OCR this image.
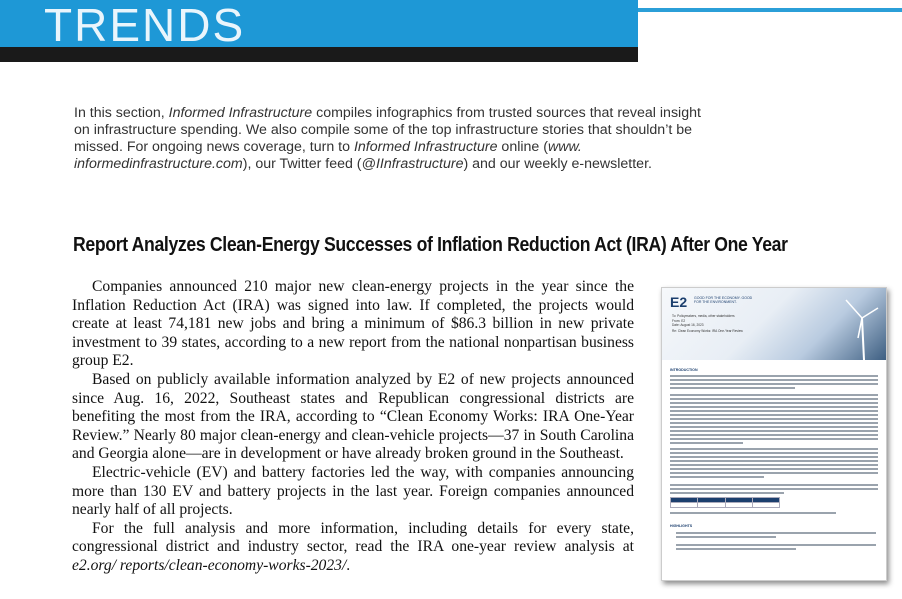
TRENDS
In this section, Informed Infrastructure compiles infographics from trusted sources that reveal insight on infrastructure spending. We also compile some of the top infrastructure stories that shouldn’t be missed. For ongoing news coverage, turn to Informed Infrastructure online (www. informedinfrastructure.com), our Twitter feed (@IInfrastructure) and our weekly e-newsletter.
Report Analyzes Clean-Energy Successes of Inflation Reduction Act (IRA) After One Year

Companies announced 210 major new clean-energy projects in the year since the Inflation Reduction Act (IRA) was signed into law. If completed, the projects would create at least 74,181 new jobs and bring a minimum of $86.3 billion in new private investment to 39 states, according to a new report from the national nonpartisan business group E2.

Based on publicly available information analyzed by E2 of new projects announced since Aug. 16, 2022, Southeast states and Republican congressional districts are benefiting the most from the IRA, according to “Clean Economy Works: IRA One-Year Review.” Nearly 80 major clean-energy and clean-vehicle projects—37 in South Carolina and Georgia alone—are in development or have already broken ground in the Southeast.

Electric-vehicle (EV) and battery factories led the way, with companies announcing more than 130 EV and battery projects in the last year. Foreign companies announced nearly half of all projects.

For the full analysis and more information, including details for every state, congressional district and industry sector, read the IRA one-year review analysis at e2.org/ reports/clean-economy-works-2023/.

E2 GOOD FOR THE ECONOMY. GOOD FOR THE ENVIRONMENT.
To: Policymakers, media, other stakeholders
From: E2
Date: August 16, 2023
Re: Clean Economy Works: IRA One-Year Review
INTRODUCTION

HIGHLIGHTS
